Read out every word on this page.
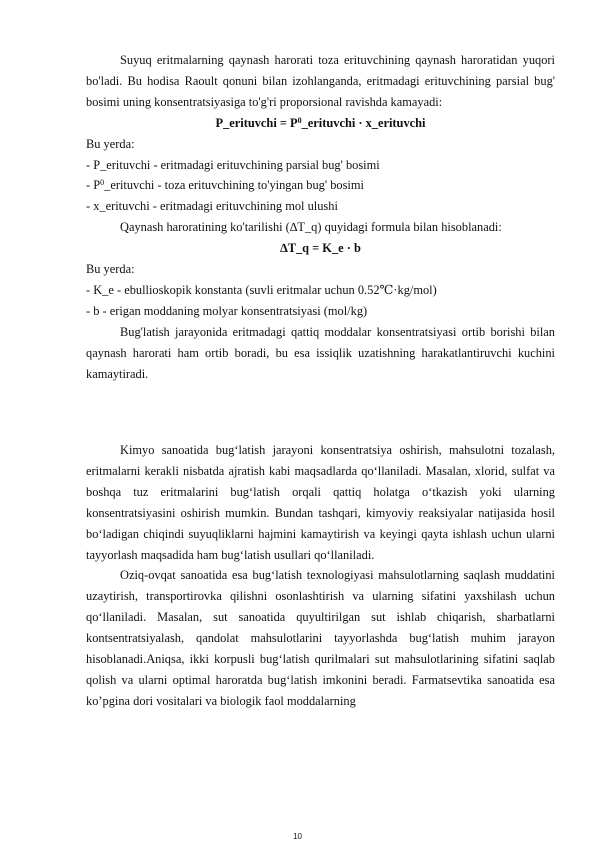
Suyuq eritmalarning qaynash harorati toza erituvchining qaynash haroratidan yuqori bo'ladi. Bu hodisa Raoult qonuni bilan izohlanganda, eritmadagi erituvchining parsial bug' bosimi uning konsentratsiyasiga to'g'ri proporsional ravishda kamayadi:

P_erituvchi = $P^0\_erituvchi$ · x_erituvchi

Bu yerda:

- P_erituvchi - eritmadagi erituvchining parsial bug' bosimi

- $P^0\_erituvchi$ - toza erituvchining to'yingan bug' bosimi

- x_erituvchi - eritmadagi erituvchining mol ulushi

Qaynash haroratining ko'tarilishi (∆T_q) quyidagi formula bilan hisoblanadi:

∆T_q = K_e · b

Bu yerda:

- K_e - ebullioskopik konstanta (suvli eritmalar uchun 0.52℃·kg/mol)

- b - erigan moddaning molyar konsentratsiyasi (mol/kg)

Bug'latish jarayonida eritmadagi qattiq moddalar konsentratsiyasi ortib borishi bilan qaynash harorati ham ortib boradi, bu esa issiqlik uzatishning harakatlantiruvchi kuchini kamaytiradi.

Kimyo sanoatida bug‘latish jarayoni konsentratsiya oshirish, mahsulotni tozalash, eritmalarni kerakli nisbatda ajratish kabi maqsadlarda qo‘llaniladi. Masalan, xlorid, sulfat va boshqa tuz eritmalarini bug‘latish orqali qattiq holatga o‘tkazish yoki ularning konsentratsiyasini oshirish mumkin. Bundan tashqari, kimyoviy reaksiyalar natijasida hosil bo‘ladigan chiqindi suyuqliklarni hajmini kamaytirish va keyingi qayta ishlash uchun ularni tayyorlash maqsadida ham bug‘latish usullari qo‘llaniladi.

Oziq-ovqat sanoatida esa bug‘latish texnologiyasi mahsulotlarning saqlash muddatini uzaytirish, transportirovka qilishni osonlashtirish va ularning sifatini yaxshilash uchun qo‘llaniladi. Masalan, sut sanoatida quyultirilgan sut ishlab chiqarish, sharbatlarni kontsentratsiyalash, qandolat mahsulotlarini tayyorlashda bug‘latish muhim jarayon hisoblanadi.Aniqsa, ikki korpusli bug‘latish qurilmalari sut mahsulotlarining sifatini saqlab qolish va ularni optimal haroratda bug‘latish imkonini beradi. Farmatsevtika sanoatida esa ko’pgina dori vositalari va biologik faol moddalarning

10
